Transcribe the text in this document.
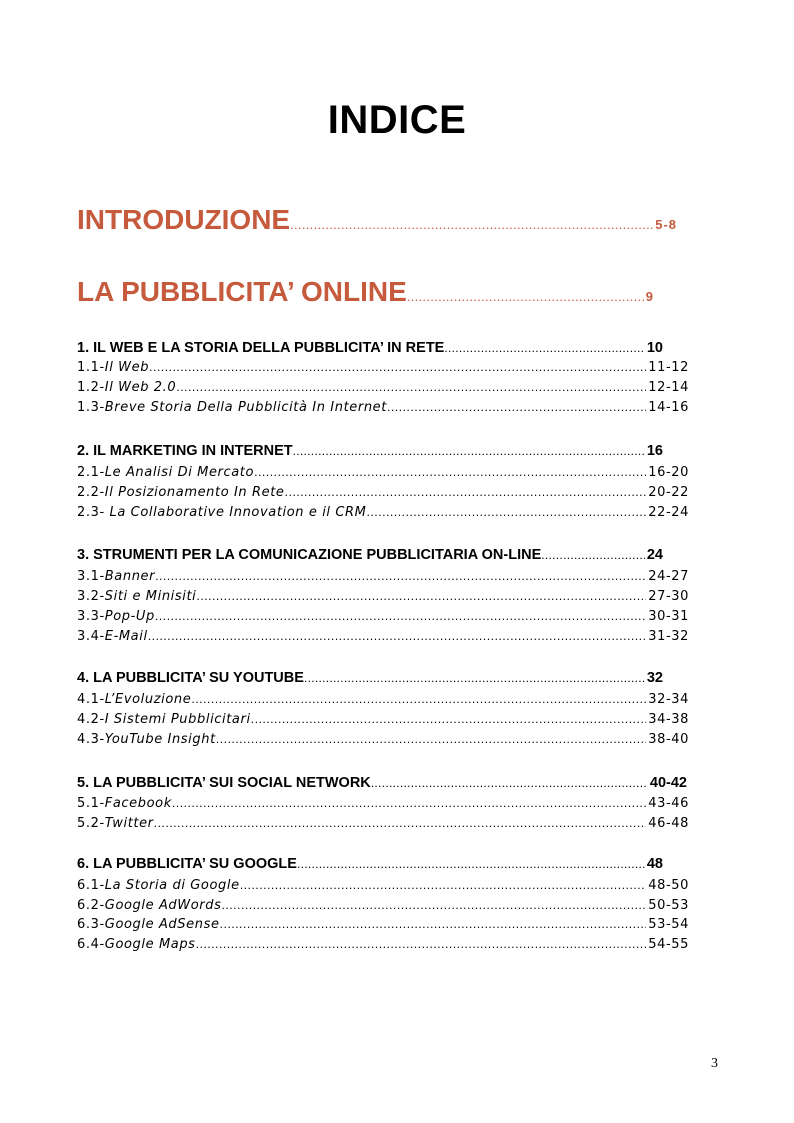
INDICE
INTRODUZIONE .....	5-8
LA PUBBLICITA’ ONLINE .....	9
1. IL WEB E LA STORIA DELLA PUBBLICITA’ IN RETE .....	10
1.1-Il Web .....	11-12
1.2-Il Web 2.0 .....	12-14
1.3-Breve Storia Della Pubblicità In Internet .....	14-16
2. IL MARKETING IN INTERNET .....	16
2.1-Le Analisi Di Mercato .....	16-20
2.2-Il Posizionamento In Rete .....	20-22
2.3- La Collaborative Innovation e il CRM .....	22-24
3. STRUMENTI PER LA COMUNICAZIONE PUBBLICITARIA ON-LINE .....	24
3.1-Banner .....	24-27
3.2-Siti e Minisiti .....	27-30
3.3-Pop-Up .....	30-31
3.4-E-Mail .....	31-32
4. LA PUBBLICITA’ SU YOUTUBE .....	32
4.1-L’Evoluzione .....	32-34
4.2-I Sistemi Pubblicitari .....	34-38
4.3-YouTube Insight .....	38-40
5. LA PUBBLICITA’ SUI SOCIAL NETWORK .....	40-42
5.1-Facebook .....	43-46
5.2-Twitter .....	46-48
6. LA PUBBLICITA’ SU GOOGLE .....	48
6.1-La Storia di Google .....	48-50
6.2-Google AdWords .....	50-53
6.3-Google AdSense .....	53-54
6.4-Google Maps .....	54-55
3
